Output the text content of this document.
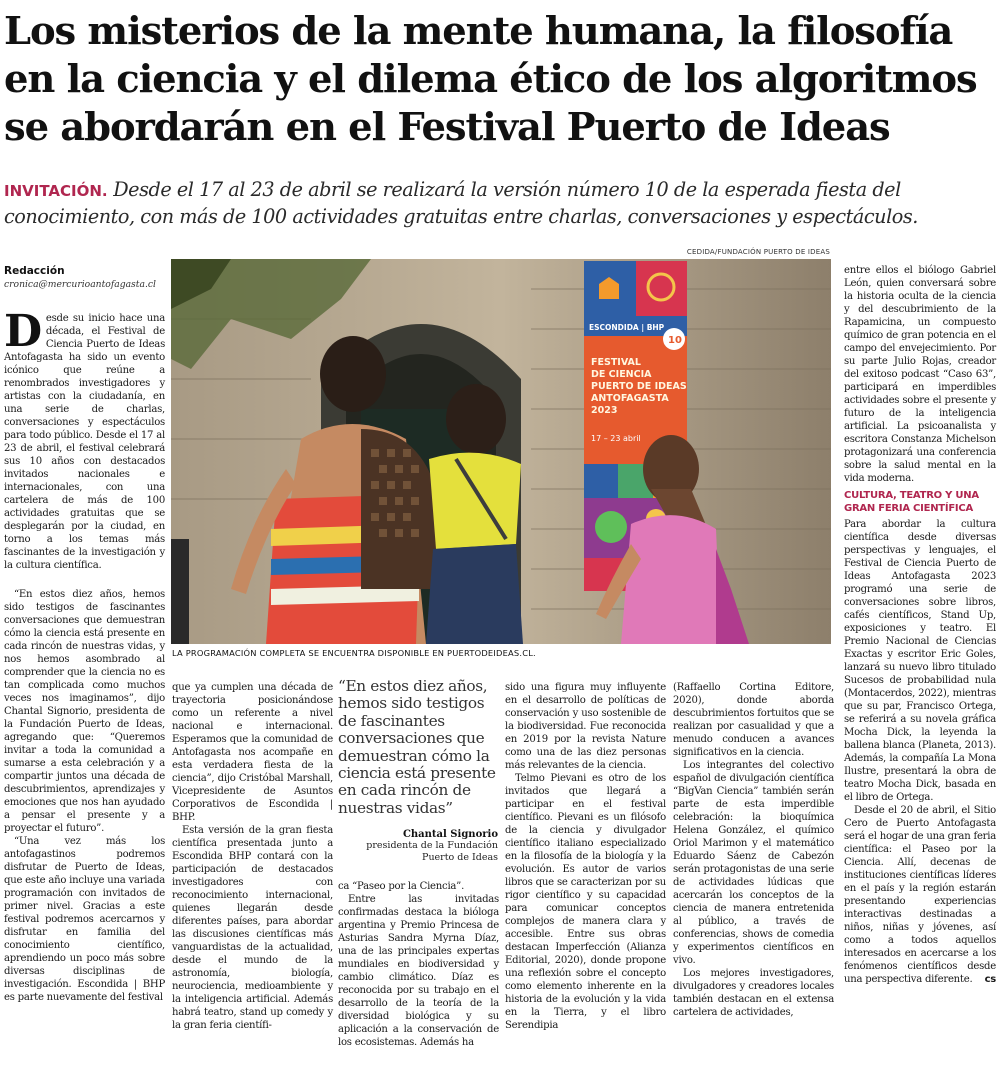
Los misterios de la mente humana, la filosofía en la ciencia y el dilema ético de los algoritmos se abordarán en el Festival Puerto de Ideas

INVITACIÓN. Desde el 17 al 23 de abril se realizará la versión número 10 de la esperada fiesta del conocimiento, con más de 100 actividades gratuitas entre charlas, conversaciones y espectáculos.

Redacción
cronica@mercurioantofagasta.cl
CEDIDA/FUNDACIÓN PUERTO DE IDEAS
ESCONDIDA | BHP
10
FESTIVAL
DE CIENCIA
PUERTO DE IDEAS
ANTOFAGASTA
2023
17 – 23 abril
LA PROGRAMACIÓN COMPLETA SE ENCUENTRA DISPONIBLE EN PUERTODEIDEAS.CL.

Desde su inicio hace una década, el Festival de Ciencia Puerto de Ideas Antofagasta ha sido un evento icónico que reúne a renombrados investigadores y artistas con la ciudadanía, en una serie de charlas, conversaciones y espectáculos para todo público. Desde el 17 al 23 de abril, el festival celebrará sus 10 años con destacados invitados nacionales e internacionales, con una cartelera de más de 100 actividades gratuitas que se desplegarán por la ciudad, en torno a los temas más fascinantes de la investigación y la cultura científica.

“En estos diez años, hemos sido testigos de fascinantes conversaciones que demuestran cómo la ciencia está presente en cada rincón de nuestras vidas, y nos hemos asombrado al comprender que la ciencia no es tan complicada como muchos veces nos imaginamos”, dijo Chantal Signorio, presidenta de la Fundación Puerto de Ideas, agregando que: “Queremos invitar a toda la comunidad a sumarse a esta celebración y a compartir juntos una década de descubrimientos, aprendizajes y emociones que nos han ayudado a pensar el presente y a proyectar el futuro”.

“Una vez más los antofagastinos podremos disfrutar de Puerto de Ideas, que este año incluye una variada programación con invitados de primer nivel. Gracias a este festival podremos acercarnos y disfrutar en familia del conocimiento científico, aprendiendo un poco más sobre diversas disciplinas de investigación. Escondida | BHP es parte nuevamente del festival

que ya cumplen una década de trayectoria posicionándose como un referente a nivel nacional e internacional. Esperamos que la comunidad de Antofagasta nos acompañe en esta verdadera fiesta de la ciencia”, dijo Cristóbal Marshall, Vicepresidente de Asuntos Corporativos de Escondida | BHP.

Esta versión de la gran fiesta científica presentada junto a Escondida BHP contará con la participación de destacados investigadores con reconocimiento internacional, quienes llegarán desde diferentes países, para abordar las discusiones científicas más vanguardistas de la actualidad, desde el mundo de la astronomía, biología, neurociencia, medioambiente y la inteligencia artificial. Además habrá teatro, stand up comedy y la gran feria científi-

“En estos diez años, hemos sido testigos de fascinantes conversaciones que demuestran cómo la ciencia está presente en cada rincón de nuestras vidas”

Chantal Signorio
presidenta de la Fundación Puerto de Ideas

ca “Paseo por la Ciencia”.

Entre las invitadas confirmadas destaca la bióloga argentina y Premio Princesa de Asturias Sandra Myrna Díaz, una de las principales expertas mundiales en biodiversidad y cambio climático. Díaz es reconocida por su trabajo en el desarrollo de la teoría de la diversidad biológica y su aplicación a la conservación de los ecosistemas. Además ha

sido una figura muy influyente en el desarrollo de políticas de conservación y uso sostenible de la biodiversidad. Fue reconocida en 2019 por la revista Nature como una de las diez personas más relevantes de la ciencia.

Telmo Pievani es otro de los invitados que llegará a participar en el festival científico. Pievani es un filósofo de la ciencia y divulgador científico italiano especializado en la filosofía de la biología y la evolución. Es autor de varios libros que se caracterizan por su rigor científico y su capacidad para comunicar conceptos complejos de manera clara y accesible. Entre sus obras destacan Imperfección (Alianza Editorial, 2020), donde propone una reflexión sobre el concepto como elemento inherente en la historia de la evolución y la vida en la Tierra, y el libro Serendipia

(Raffaello Cortina Editore, 2020), donde aborda descubrimientos fortuitos que se realizan por casualidad y que a menudo conducen a avances significativos en la ciencia.

Los integrantes del colectivo español de divulgación científica “BigVan Ciencia” también serán parte de esta imperdible celebración: la bioquímica Helena González, el químico Oriol Marimon y el matemático Eduardo Sáenz de Cabezón serán protagonistas de una serie de actividades lúdicas que acercarán los conceptos de la ciencia de manera entretenida al público, a través de conferencias, shows de comedia y experimentos científicos en vivo.

Los mejores investigadores, divulgadores y creadores locales también destacan en el extensa cartelera de actividades,

entre ellos el biólogo Gabriel León, quien conversará sobre la historia oculta de la ciencia y del descubrimiento de la Rapamicina, un compuesto químico de gran potencia en el campo del envejecimiento. Por su parte Julio Rojas, creador del exitoso podcast “Caso 63”, participará en imperdibles actividades sobre el presente y futuro de la inteligencia artificial. La psicoanalista y escritora Constanza Michelson protagonizará una conferencia sobre la salud mental en la vida moderna.

CULTURA, TEATRO Y UNA GRAN FERIA CIENTÍFICA

Para abordar la cultura científica desde diversas perspectivas y lenguajes, el Festival de Ciencia Puerto de Ideas Antofagasta 2023 programó una serie de conversaciones sobre libros, cafés científicos, Stand Up, exposiciones y teatro. El Premio Nacional de Ciencias Exactas y escritor Eric Goles, lanzará su nuevo libro titulado Sucesos de probabilidad nula (Montacerdos, 2022), mientras que su par, Francisco Ortega, se referirá a su novela gráfica Mocha Dick, la leyenda la ballena blanca (Planeta, 2013). Además, la compañía La Mona Ilustre, presentará la obra de teatro Mocha Dick, basada en el libro de Ortega.

Desde el 20 de abril, el Sitio Cero de Puerto Antofagasta será el hogar de una gran feria científica: el Paseo por la Ciencia. Allí, decenas de instituciones científicas líderes en el país y la región estarán presentando experiencias interactivas destinadas a niños, niñas y jóvenes, así como a todos aquellos interesados en acercarse a los fenómenos científicos desde una perspectiva diferente.	cs
